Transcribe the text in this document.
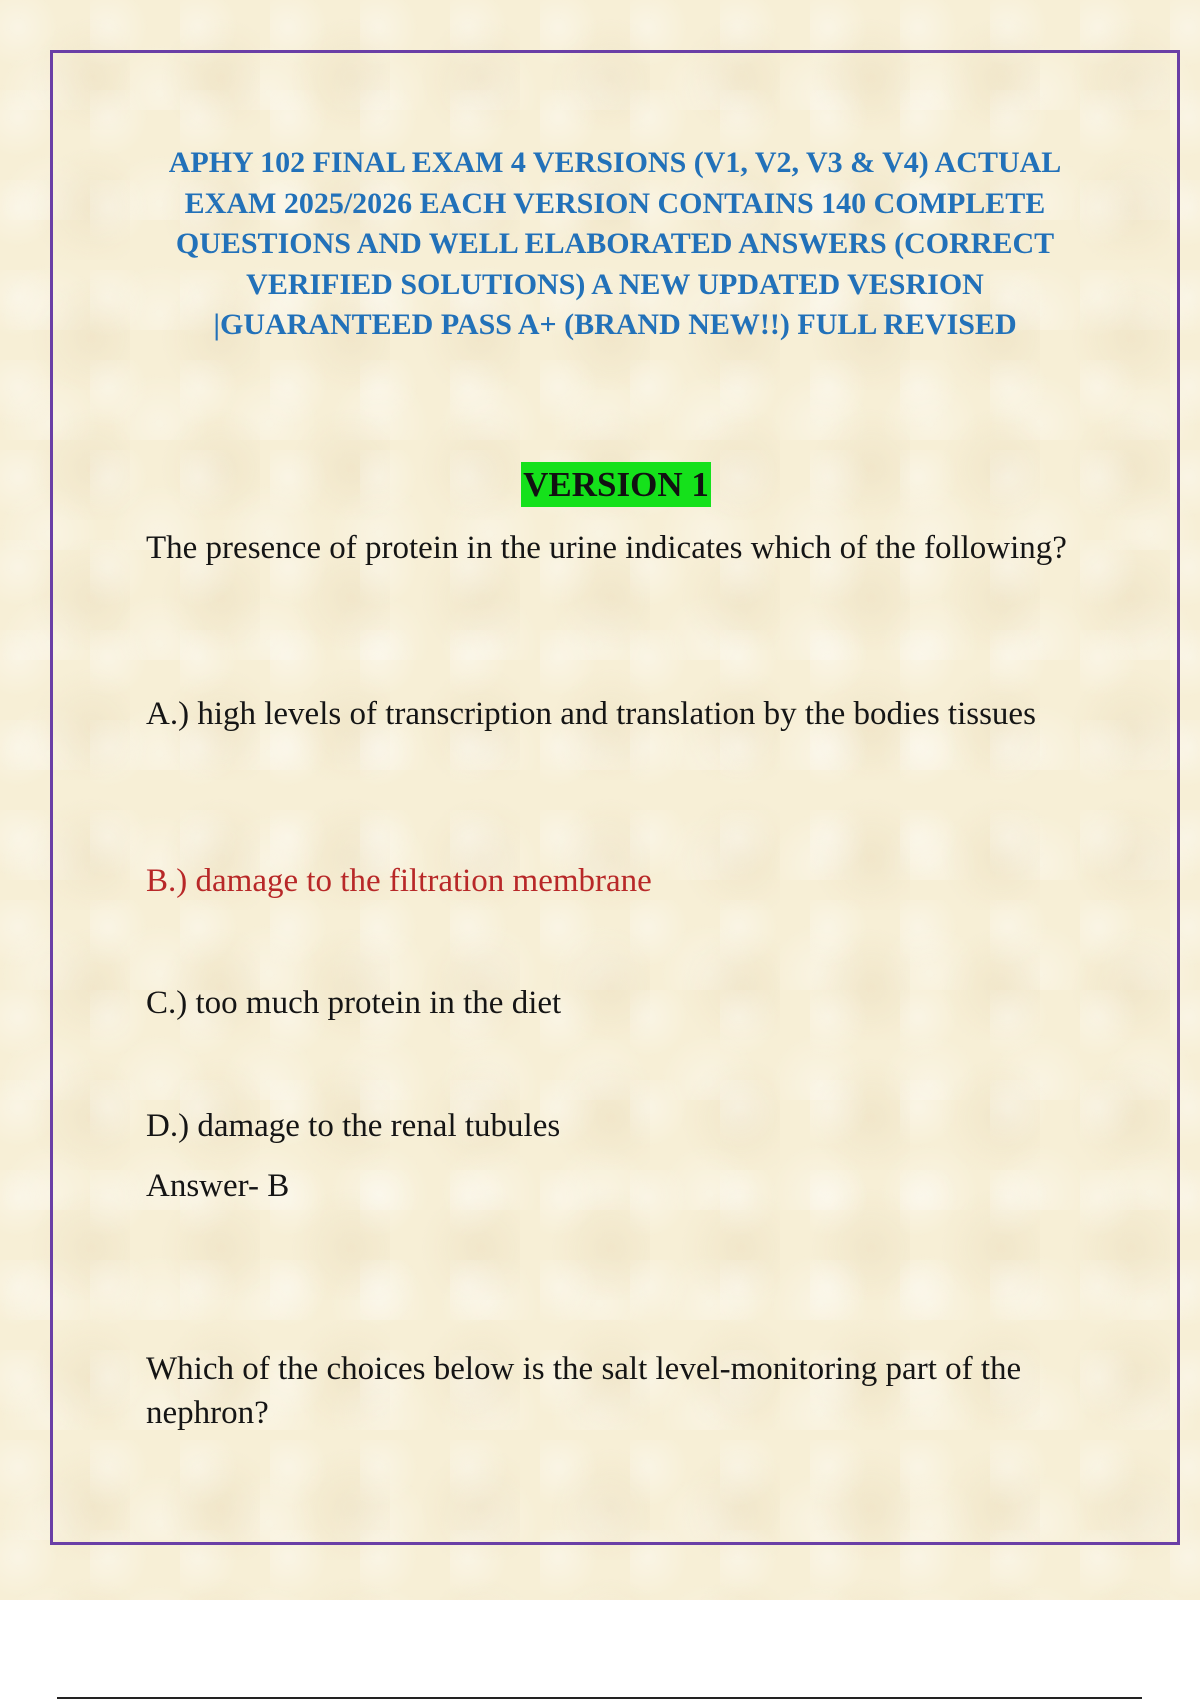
APHY 102 FINAL EXAM 4 VERSIONS (V1, V2, V3 & V4) ACTUAL EXAM 2025/2026 EACH VERSION CONTAINS 140 COMPLETE QUESTIONS AND WELL ELABORATED ANSWERS (CORRECT VERIFIED SOLUTIONS) A NEW UPDATED VESRION |GUARANTEED PASS A+ (BRAND NEW!!) FULL REVISED
VERSION 1

The presence of protein in the urine indicates which of the following?

A.) high levels of transcription and translation by the bodies tissues

B.) damage to the filtration membrane

C.) too much protein in the diet

D.) damage to the renal tubules

Answer- B

Which of the choices below is the salt level-monitoring part of the nephron?
